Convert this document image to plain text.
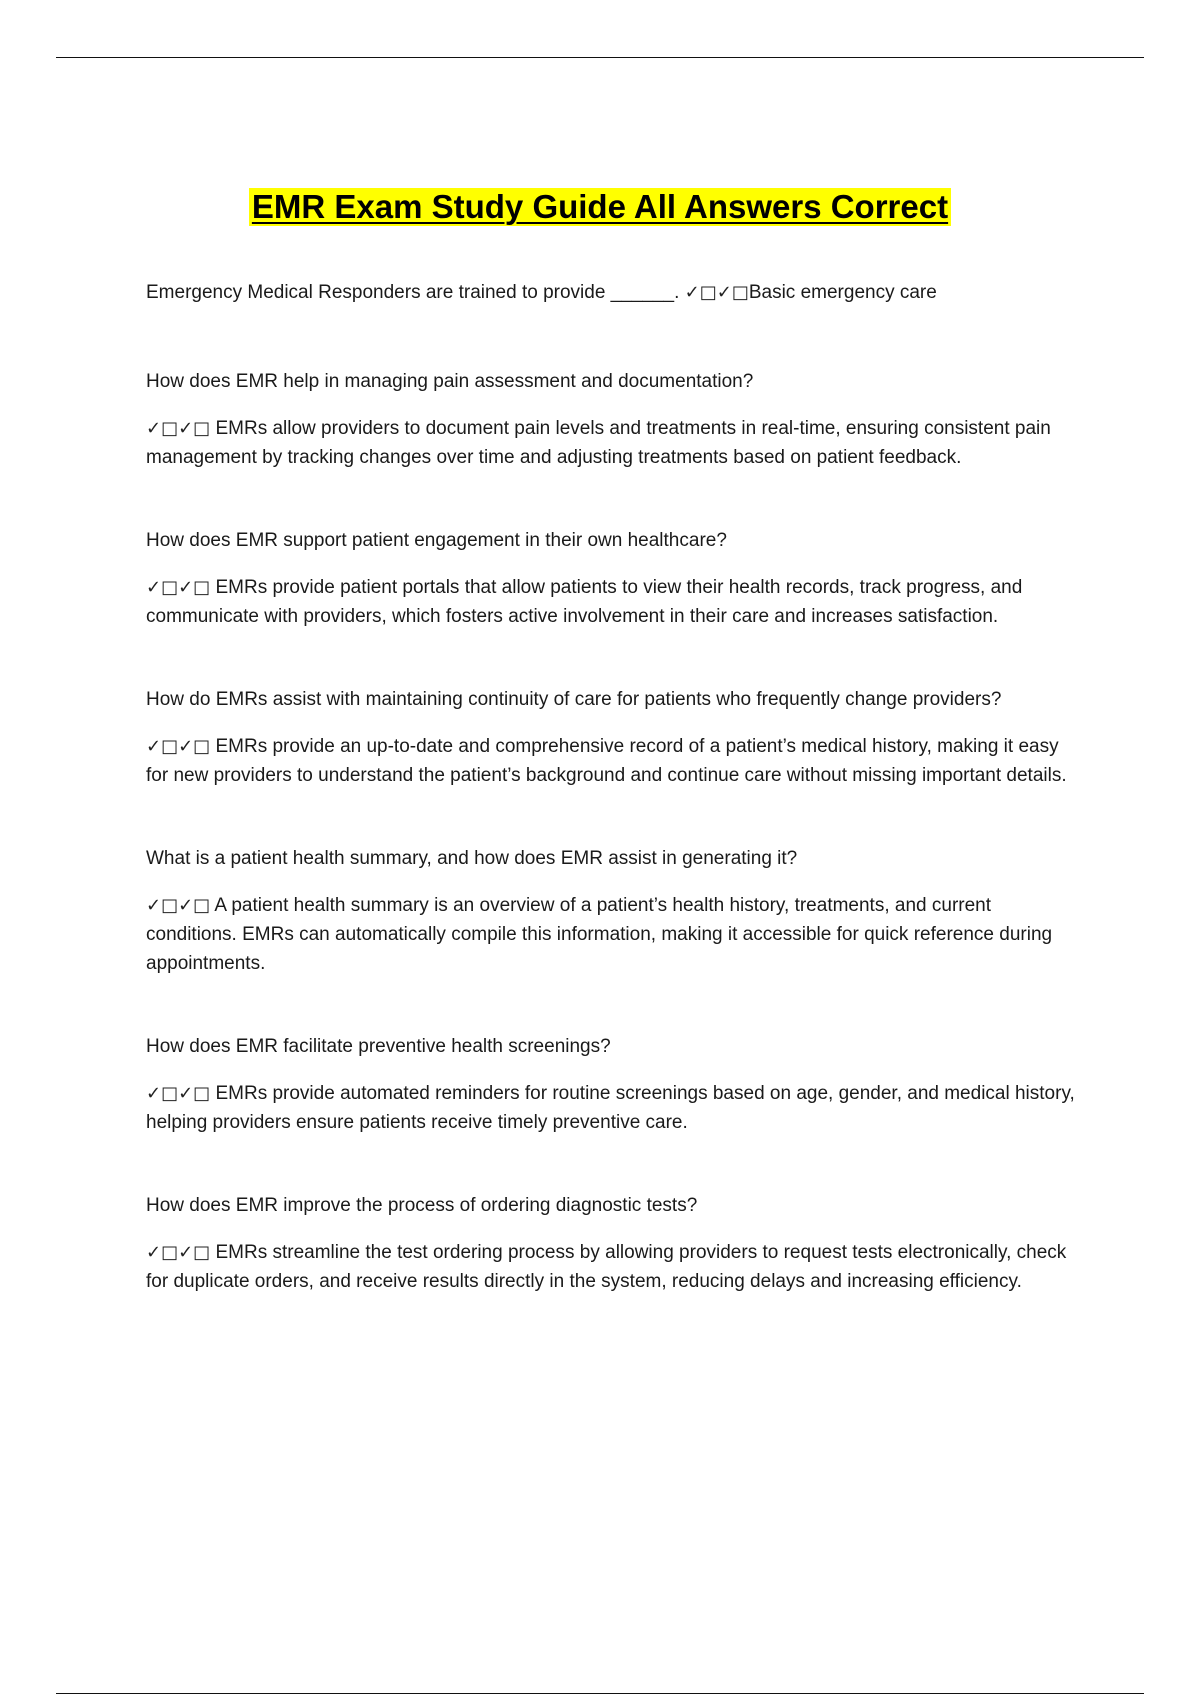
EMR Exam Study Guide All Answers Correct

Emergency Medical Responders are trained to provide ______. ✓□✓□Basic emergency care

How does EMR help in managing pain assessment and documentation?

✓□✓□ EMRs allow providers to document pain levels and treatments in real-time, ensuring consistent pain management by tracking changes over time and adjusting treatments based on patient feedback.

How does EMR support patient engagement in their own healthcare?

✓□✓□ EMRs provide patient portals that allow patients to view their health records, track progress, and communicate with providers, which fosters active involvement in their care and increases satisfaction.

How do EMRs assist with maintaining continuity of care for patients who frequently change providers?

✓□✓□ EMRs provide an up-to-date and comprehensive record of a patient’s medical history, making it easy for new providers to understand the patient’s background and continue care without missing important details.

What is a patient health summary, and how does EMR assist in generating it?

✓□✓□ A patient health summary is an overview of a patient’s health history, treatments, and current conditions. EMRs can automatically compile this information, making it accessible for quick reference during appointments.

How does EMR facilitate preventive health screenings?

✓□✓□ EMRs provide automated reminders for routine screenings based on age, gender, and medical history, helping providers ensure patients receive timely preventive care.

How does EMR improve the process of ordering diagnostic tests?

✓□✓□ EMRs streamline the test ordering process by allowing providers to request tests electronically, check for duplicate orders, and receive results directly in the system, reducing delays and increasing efficiency.
